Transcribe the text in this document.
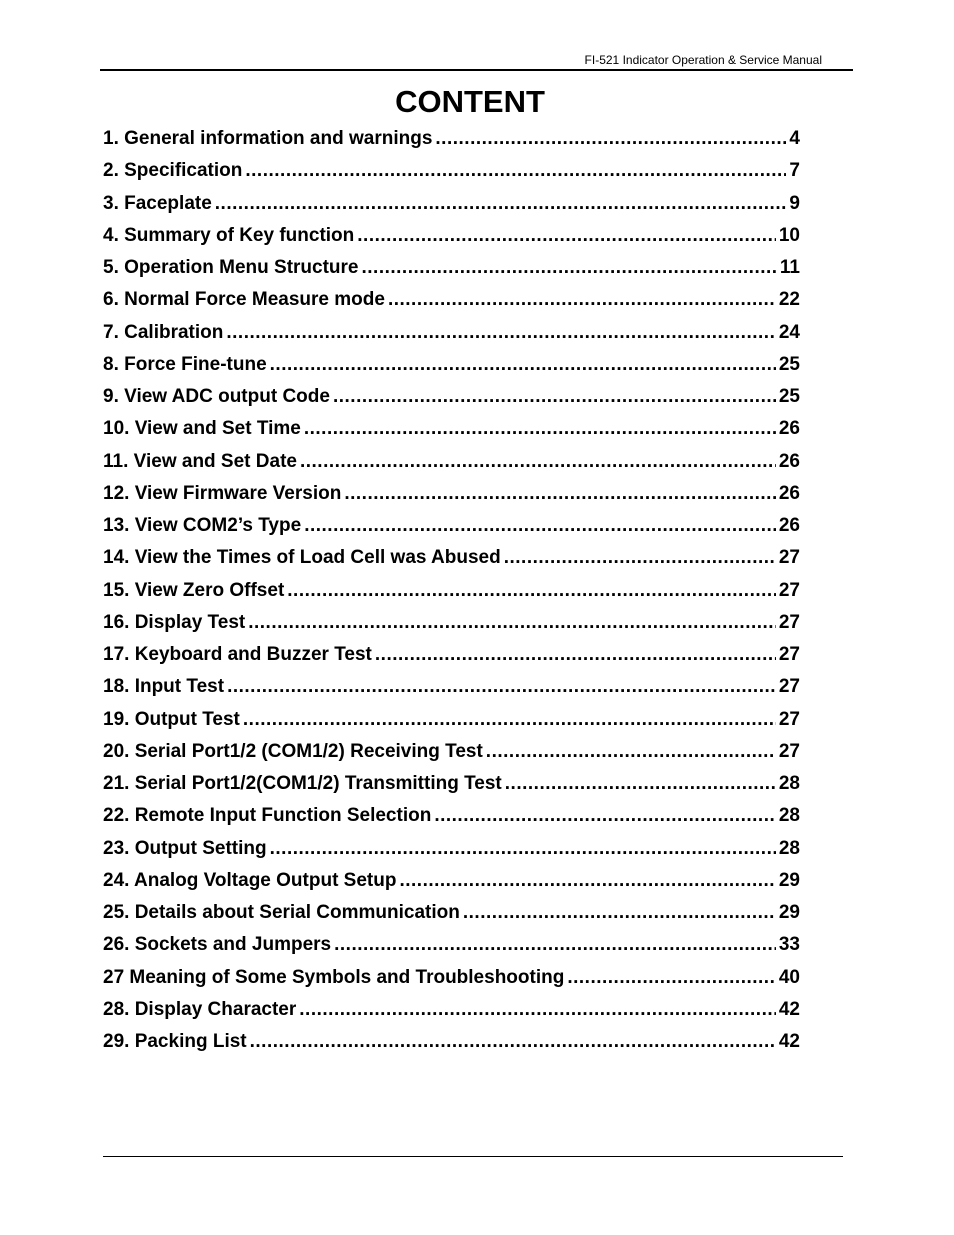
FI-521 Indicator Operation & Service Manual
CONTENT
1. General information and warnings .....	4
2. Specification .....	7
3. Faceplate .....	9
4. Summary of Key function .....	10
5. Operation Menu Structure .....	11
6. Normal Force Measure mode .....	22
7. Calibration .....	24
8. Force Fine-tune .....	25
9. View ADC output Code .....	25
10. View and Set Time .....	26
11. View and Set Date .....	26
12. View Firmware Version .....	26
13. View COM2’s Type .....	26
14. View the Times of Load Cell was Abused .....	27
15. View Zero Offset .....	27
16. Display Test .....	27
17. Keyboard and Buzzer Test .....	27
18. Input Test .....	27
19. Output Test .....	27
20. Serial Port1/2 (COM1/2) Receiving Test .....	27
21. Serial Port1/2(COM1/2) Transmitting Test .....	28
22. Remote Input Function Selection .....	28
23. Output Setting .....	28
24. Analog Voltage Output Setup .....	29
25. Details about Serial Communication .....	29
26. Sockets and Jumpers .....	33
27 Meaning of Some Symbols and Troubleshooting .....	40
28. Display Character .....	42
29. Packing List .....	42
